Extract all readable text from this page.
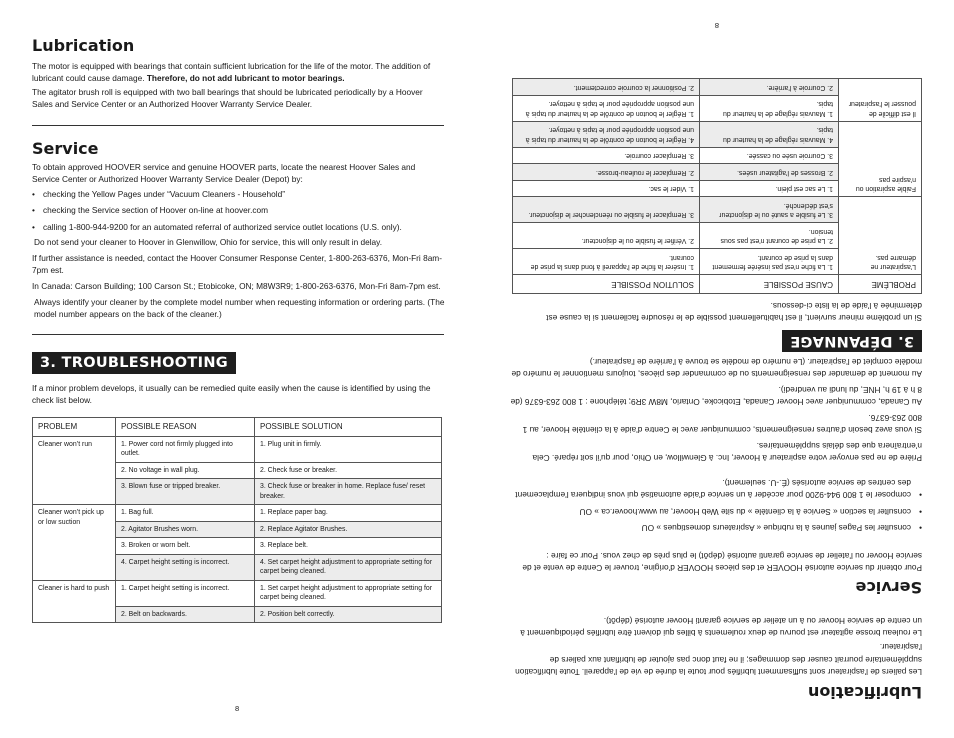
Lubrication

The motor is equipped with bearings that contain sufficient lubrication for the life of the motor. The addition of lubricant could cause damage. Therefore, do not add lubricant to motor bearings.

The agitator brush roll is equipped with two ball bearings that should be lubricated periodically by a Hoover Sales and Service Center or an Authorized Hoover Warranty Service Dealer.

Service

To obtain approved HOOVER service and genuine HOOVER parts, locate the nearest Hoover Sales and Service Center or Authorized Hoover Warranty Service Dealer (Depot) by:

• checking the Yellow Pages under “Vacuum Cleaners - Household”
• checking the Service section of Hoover on-line at hoover.com
• calling 1-800-944-9200 for an automated referral of authorized service outlet locations (U.S. only).

Do not send your cleaner to Hoover in Glenwillow, Ohio for service, this will only result in delay.

If further assistance is needed, contact the Hoover Consumer Response Center, 1-800-263-6376, Mon-Fri 8am-7pm est.

In Canada: Carson Building; 100 Carson St.; Etobicoke, ON; M8W3R9; 1-800-263-6376, Mon-Fri 8am-7pm est.

Always identify your cleaner by the complete model number when requesting information or ordering parts. (The model number appears on the back of the cleaner.)

3. TROUBLESHOOTING

If a minor problem develops, it usually can be remedied quite easily when the cause is identified by using the check list below.

PROBLEM	POSSIBLE REASON	POSSIBLE SOLUTION
Cleaner won’t run	1. Power cord not firmly plugged into outlet.	1. Plug unit in firmly.
	2. No voltage in wall plug.	2. Check fuse or breaker.
	3. Blown fuse or tripped breaker.	3. Check fuse or breaker in home. Replace fuse/ reset breaker.
Cleaner won’t pick up or low suction	1. Bag full.	1. Replace paper bag.
	2. Agitator Brushes worn.	2. Replace Agitator Brushes.
	3. Broken or worn belt.	3. Replace belt.
	4. Carpet height setting is incorrect.	4. Set carpet height adjustment to appropriate setting for carpet being cleaned.
Cleaner is hard to push	1. Carpet height setting is incorrect.	1. Set carpet height adjustment to appropriate setting for carpet being cleaned.
	2. Belt on backwards.	2. Position belt correctly.
8
Lubrification

Les paliers de l'aspirateur sont suffisamment lubrifiés pour toute la durée de vie de l'appareil. Toute lubrification supplémentaire pourrait causer des dommages; il ne faut donc pas ajouter de lubrifiant aux paliers de l'aspirateur.

Le rouleau brosse agitateur est pourvu de deux roulements à billes qui doivent être lubrifiés périodiquement à un centre de service Hoover ou à un atelier de service garanti Hoover autorisé (dépôt).

Service

Pour obtenir du service autorisé HOOVER et des pièces HOOVER d'origine, trouver le Centre de vente et de service Hoover ou l'atelier de service garanti autorisé (dépôt) le plus près de chez vous. Pour ce faire :

• consulter les Pages jaunes à la rubrique « Aspirateurs domestiques » OU
• consulter la section « Service à la clientèle » du site Web Hoover, au www.hoover.ca » OU
• composer le 1 800 944-9200 pour accéder à un service d'aide automatisé qui vous indiquera l'emplacement des centres de service autorisés (É.-U. seulement).

Prière de ne pas envoyer votre aspirateur à Hoover, Inc. à Glenwillow, en Ohio, pour qu'il soit réparé. Cela n'entraînera que des délais supplémentaires.

Si vous avez besoin d'autres renseignements, communiquer avec le Centre d'aide à la clientèle Hoover, au 1 800 263-6376.

Au Canada, communiquer avec Hoover Canada, Etobicoke, Ontario, M8W 3R9; téléphone : 1 800 263-6376 (de 8 h à 19 h, HNE, du lundi au vendredi).

Au moment de demander des renseignements ou de commander des pièces, toujours mentionner le numéro de modèle complet de l'aspirateur. (Le numéro de modèle se trouve à l'arrière de l'aspirateur.)

3. DÉPANNAGE

Si un problème mineur survient, il est habituellement possible de le résoudre facilement si la cause est déterminée à l'aide de la liste ci-dessous.

PROBLÈME	CAUSE POSSIBLE	SOLUTION POSSIBLE
L'aspirateur ne démarre pas.	1. La fiche n'est pas insérée fermement dans la prise de courant.	1. Insérer la fiche de l'appareil à fond dans la prise de courant.
	2. La prise de courant n'est pas sous tension.	2. Vérifier le fusible ou le disjoncteur.
	3. Le fusible a sauté ou le disjoncteur s'est déclenché.	3. Remplacer le fusible ou réenclencher le disjoncteur.
Faible aspiration ou n'aspire pas	1. Le sac est plein.	1. Vider le sac.
	2. Brosses de l'agitateur usées.	2. Remplacer le rouleau-brosse.
	3. Courroie usée ou cassée.	3. Remplacer courroie.
	4. Mauvais réglage de la hauteur du tapis.	4. Régler le bouton de contrôle de la hauteur du tapis à une position appropriée pour le tapis à nettoyer.
Il est difficile de pousser le l'aspirateur	1. Mauvais réglage de la hauteur du tapis.	1. Régler le bouton de contrôle de la hauteur du tapis à une position appropriée pour le tapis à nettoyer.
	2. Courroie à l'arrière.	2. Positionner la courroie correctement.
8
